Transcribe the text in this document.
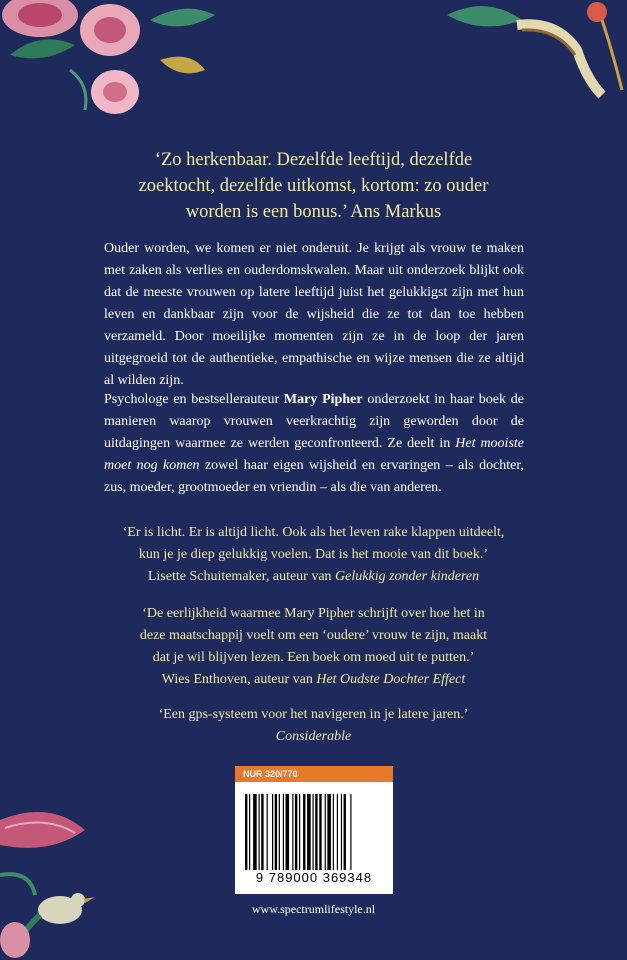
‘Zo herkenbaar. Dezelfde leeftijd, dezelfde
zoektocht, dezelfde uitkomst, kortom: zo ouder
worden is een bonus.’ Ans Markus
Ouder worden, we komen er niet onderuit. Je krijgt als vrouw te maken met zaken als verlies en ouderdomskwalen. Maar uit onderzoek blijkt ook dat de meeste vrouwen op latere leeftijd juist het gelukkigst zijn met hun leven en dankbaar zijn voor de wijsheid die ze tot dan toe hebben verzameld. Door moeilijke momenten zijn ze in de loop der jaren uitgegroeid tot de authentieke, empathische en wijze mensen die ze altijd al wilden zijn.
Psychologe en bestsellerauteur Mary Pipher onderzoekt in haar boek de manieren waarop vrouwen veerkrachtig zijn geworden door de uitdagingen waarmee ze werden geconfronteerd. Ze deelt in Het mooiste moet nog komen zowel haar eigen wijsheid en ervaringen – als dochter, zus, moeder, grootmoeder en vriendin – als die van anderen.
‘Er is licht. Er is altijd licht. Ook als het leven rake klappen uitdeelt,
kun je je diep gelukkig voelen. Dat is het mooie van dit boek.’
Lisette Schuitemaker, auteur van Gelukkig zonder kinderen
‘De eerlijkheid waarmee Mary Pipher schrijft over hoe het in
deze maatschappij voelt om een ‘oudere’ vrouw te zijn, maakt
dat je wil blijven lezen. Een boek om moed uit te putten.’
Wies Enthoven, auteur van Het Oudste Dochter Effect
‘Een gps-systeem voor het navigeren in je latere jaren.’
Considerable
NUR 320/770
9 789000 369348
www.spectrumlifestyle.nl
